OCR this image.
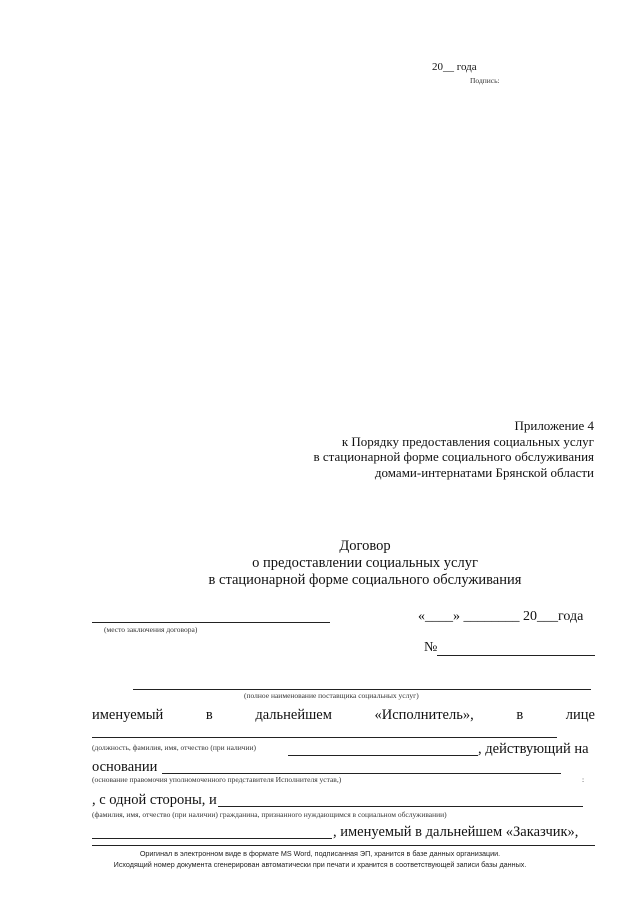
20__ года
Подпись:
Приложение 4
к Порядку предоставления социальных услуг
в стационарной форме социального обслуживания
домами-интернатами Брянской области
Договор
о предоставлении социальных услуг
в стационарной форме социального обслуживания
(место заключения договора)
«____» ________ 20___года
№
(полное наименование поставщика социальных услуг)
именуемый	в	дальнейшем	«Исполнитель»,	в	лице
(должность, фамилия, имя, отчество (при наличии)	, действующий на
основании
(основание правомочия уполномоченного представителя Исполнителя устав,)	:
, с одной стороны, и
(фамилия, имя, отчество (при наличии) гражданина, признанного нуждающимся в социальном обслуживании)
, именуемый в дальнейшем «Заказчик»,
Оригинал в электронном виде в формате MS Word, подписанная ЭП, хранится в базе данных организации.
Исходящий номер документа сгенерирован автоматически при печати и хранится в соответствующей записи базы данных.
